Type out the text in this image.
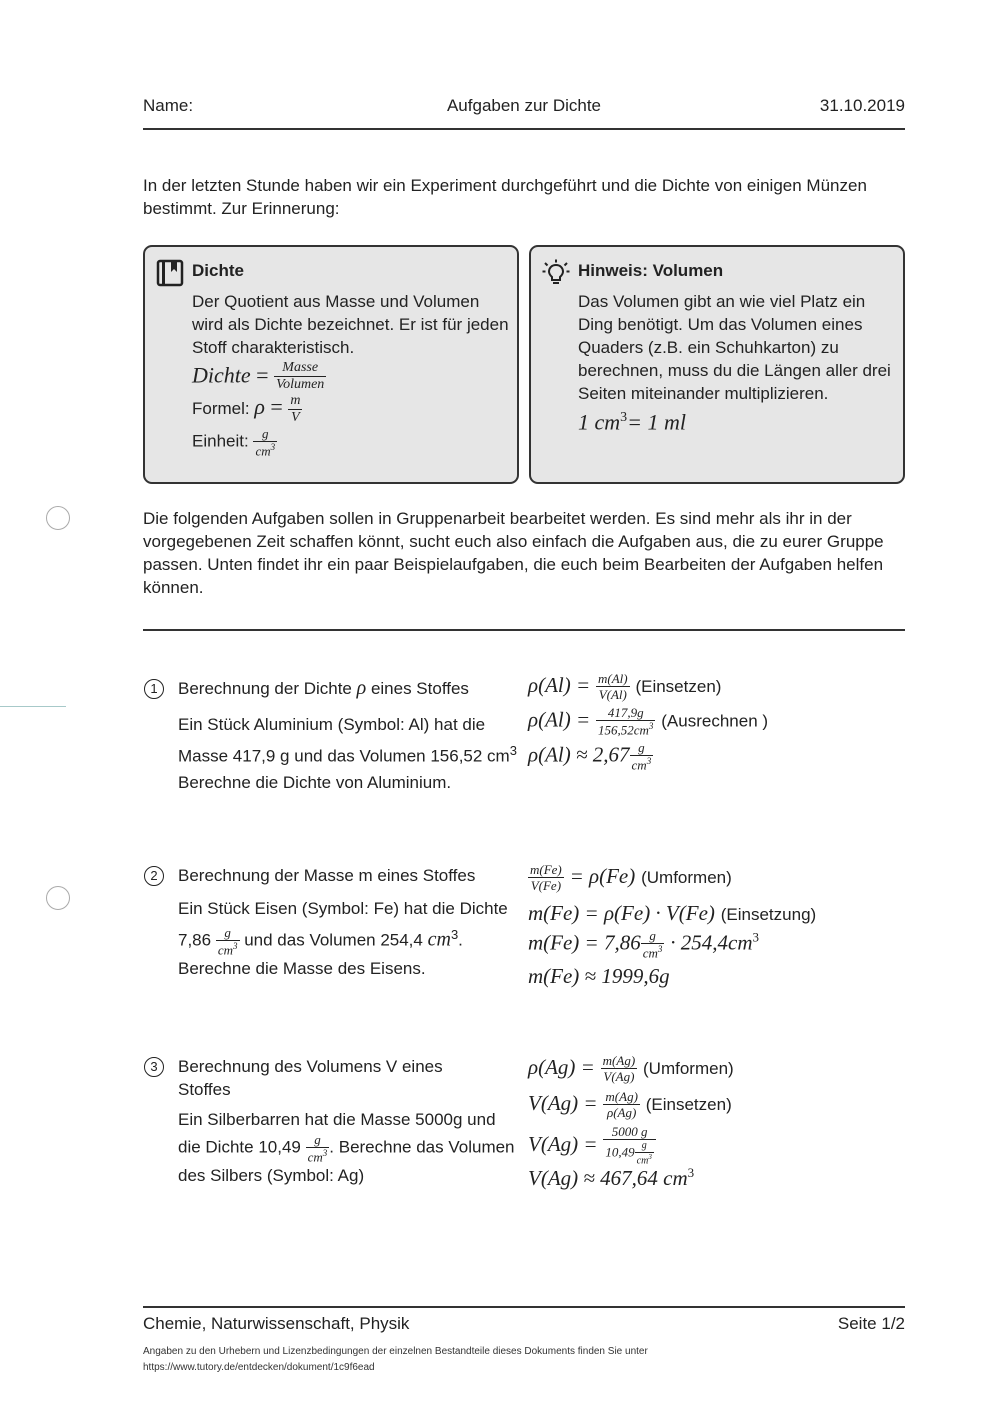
Name:	Aufgaben zur Dichte	31.10.2019
In der letzten Stunde haben wir ein Experiment durchgeführt und die Dichte von einigen Münzen bestimmt. Zur Erinnerung:
Dichte
Der Quotient aus Masse und Volumen wird als Dichte bezeichnet. Er ist für jeden Stoff charakteristisch.
Dichte = $\frac{\text{Masse}}{\text{Volumen}}$
Formel: $\rho = \frac{m}{V}$
Einheit: $\frac{g}{cm^3}$
Hinweis: Volumen
Das Volumen gibt an wie viel Platz ein Ding benötigt. Um das Volumen eines Quaders (z.B. ein Schuhkarton) zu berechnen, muss du die Längen aller drei Seiten miteinander multiplizieren.
1 $cm^3= 1$ ml
Die folgenden Aufgaben sollen in Gruppenarbeit bearbeitet werden. Es sind mehr als ihr in der vorgegebenen Zeit schaffen könnt, sucht euch also einfach die Aufgaben aus, die zu eurer Gruppe passen. Unten findet ihr ein paar Beispielaufgaben, die euch beim Bearbeiten der Aufgaben helfen können.
1	Berechnung der Dichte ρ eines Stoffes
Ein Stück Aluminium (Symbol: Al) hat die Masse 417,9 g und das Volumen 156,52 $cm^3$ Berechne die Dichte von Aluminium.
$\rho(Al) = \frac{m(Al)}{V(Al)}$ (Einsetzen)
$\rho(Al) = \frac{417,9g}{156,52cm^3}$ (Ausrechnen )
$\rho(Al) \approx 2,67 \frac{g}{cm^3}$
2	Berechnung der Masse m eines Stoffes
Ein Stück Eisen (Symbol: Fe) hat die Dichte $7,86 \frac{g}{cm^3}$ und das Volumen 254,4 $cm^3$. Berechne die Masse des Eisens.
$\frac{m(Fe)}{V(Fe)} = \rho(Fe)$ (Umformen)
m(Fe) = ρ(Fe) · V(Fe) (Einsetzung)
$m(Fe) = 7,86 \frac{g}{cm^3} \cdot 254,4cm^3$
m(Fe) ≈ 1999,6g
3	Berechnung des Volumens V eines Stoffes
Ein Silberbarren hat die Masse 5000g und die Dichte $10,49 \frac{g}{cm^3}$ . Berechne das Volumen des Silbers (Symbol: Ag)
$\rho(Ag) = \frac{m(Ag)}{V(Ag)}$ (Umformen)
$V(Ag) = \frac{m(Ag)}{\rho(Ag)}$ (Einsetzen)
$V(Ag) = \frac{5000 g}{10,49 \frac{g}{cm^3}}$
V(Ag) ≈ 467,64 $cm^3$
Chemie, Naturwissenschaft, Physik	Seite 1/2
Angaben zu den Urhebern und Lizenzbedingungen der einzelnen Bestandteile dieses Dokuments finden Sie unter
https://www.tutory.de/entdecken/dokument/1c9f6ead
